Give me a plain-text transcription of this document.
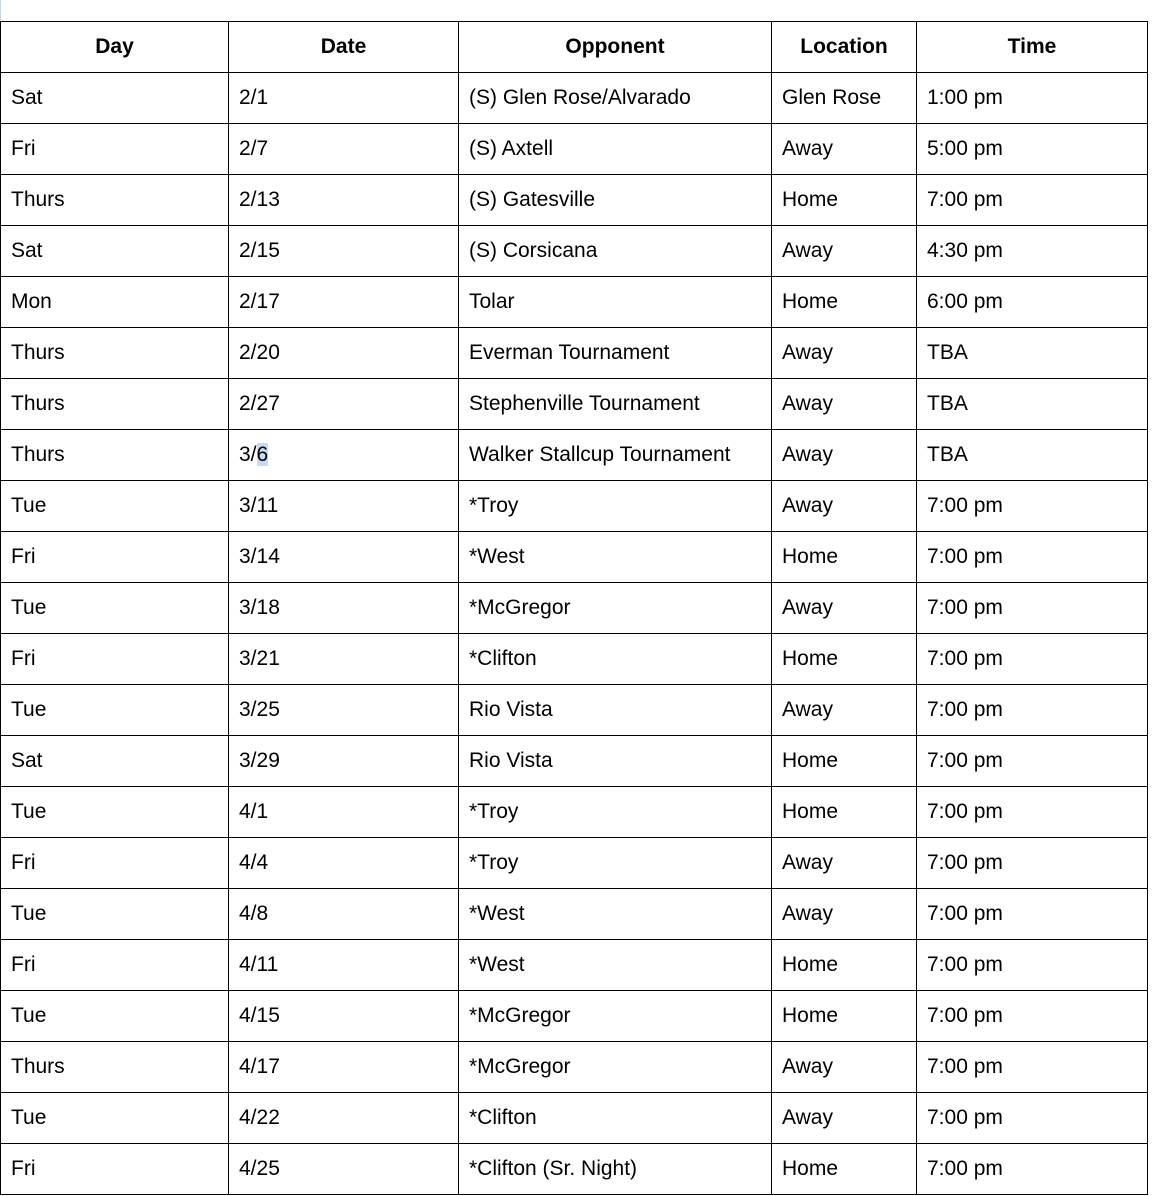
Day	Date	Opponent	Location	Time
Sat	2/1	(S) Glen Rose/Alvarado	Glen Rose	1:00 pm
Fri	2/7	(S) Axtell	Away	5:00 pm
Thurs	2/13	(S) Gatesville	Home	7:00 pm
Sat	2/15	(S) Corsicana	Away	4:30 pm
Mon	2/17	Tolar	Home	6:00 pm
Thurs	2/20	Everman Tournament	Away	TBA
Thurs	2/27	Stephenville Tournament	Away	TBA
Thurs	3/6	Walker Stallcup Tournament	Away	TBA
Tue	3/11	*Troy	Away	7:00 pm
Fri	3/14	*West	Home	7:00 pm
Tue	3/18	*McGregor	Away	7:00 pm
Fri	3/21	*Clifton	Home	7:00 pm
Tue	3/25	Rio Vista	Away	7:00 pm
Sat	3/29	Rio Vista	Home	7:00 pm
Tue	4/1	*Troy	Home	7:00 pm
Fri	4/4	*Troy	Away	7:00 pm
Tue	4/8	*West	Away	7:00 pm
Fri	4/11	*West	Home	7:00 pm
Tue	4/15	*McGregor	Home	7:00 pm
Thurs	4/17	*McGregor	Away	7:00 pm
Tue	4/22	*Clifton	Away	7:00 pm
Fri	4/25	*Clifton (Sr. Night)	Home	7:00 pm
